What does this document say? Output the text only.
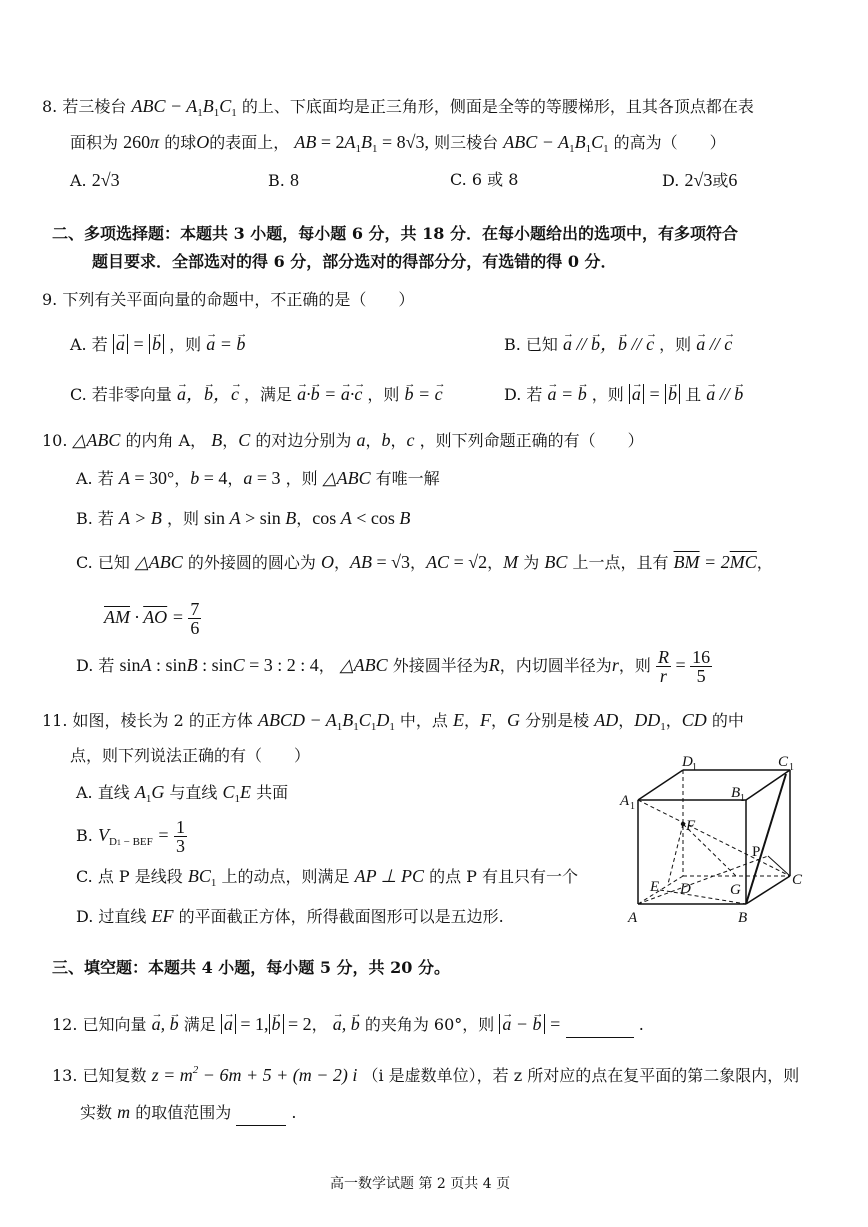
8. 若三棱台 ABC − $A_1B_1C_1$ 的上、下底面均是正三角形，侧面是全等的等腰梯形，且其各顶点都在表
面积为 260π 的球O的表面上， AB = $2A_1B_1 = 8√3$, 则三棱台 ABC − $A_1B_1C_1$ 的高为（　　）
A. 2√3	B. 8	C. 6 或 8	D. 2√3或6
二、多项选择题：本题共 3 小题，每小题 6 分，共 18 分．在每小题给出的选项中，有多项符合
题目要求．全部选对的得 6 分，部分选对的得部分分，有选错的得 0 分．
9. 下列有关平面向量的命题中，不正确的是（　　）
A. 若 → a = → b ，则 → a = → b	B. 已知 → a // → b，→ b // → c ，则 → a // → c
C. 若非零向量 → a，→ b，→ c ，满足 → a·→ b = → a·→ c ，则 → b = → c	D. 若 → a = → b ，则 → a = → b 且 → a // → b
10. △ABC 的内角 A， B，C 的对边分别为 a，b，c ，则下列命题正确的有（　　）
A. 若 A = 30°，b = 4，a = 3 ，则 △ABC 有唯一解
B. 若 A > B ，则 sin A > sin B，cos A < cos B
C. 已知 △ABC 的外接圆的圆心为 O，AB = √3，AC = √2，M 为 BC 上一点，且有 $\overline{BM} = 2\overline{MC}$，
$\overline{AM} \cdot \overline{AO} = \frac{7}{6}$
D. 若 sinA : sinB : sinC = 3 : 2 : 4， △ABC 外接圆半径为R，内切圆半径为r，则 $\frac{R}{r} = \frac{16}{5}$
11. 如图，棱长为 2 的正方体 ABCD − $A_1B_1C_1D_1$ 中，点 E，F，G 分别是棱 AD，$DD_1$，CD 的中
点，则下列说法正确的有（　　）
A. 直线 $A_1G$ 与直线 $C_1E$ 共面
B. $V_{D1 - BEF} = \frac{1}{3}$
C. 点 P 是线段 $BC_1$ 上的动点，则满足 AP ⊥ PC 的点 P 有且只有一个
D. 过直线 EF 的平面截正方体，所得截面图形可以是五边形.
D 1	C 1
A 1
B 1
F
P
E D	G
C
A	B
三、填空题：本题共 4 小题，每小题 5 分，共 20 分。
12. 已知向量 → a, → b 满足 → a = 1, → b = 2， → a, → b 的夹角为 60°，则 → a − → b =	.
13. 已知复数 $z = m^2 - 6m + 5 + (m - 2)$ i （i 是虚数单位），若 z 所对应的点在复平面的第二象限内，则
实数 m 的取值范围为	.
高一数学试题 第 2 页共 4 页
